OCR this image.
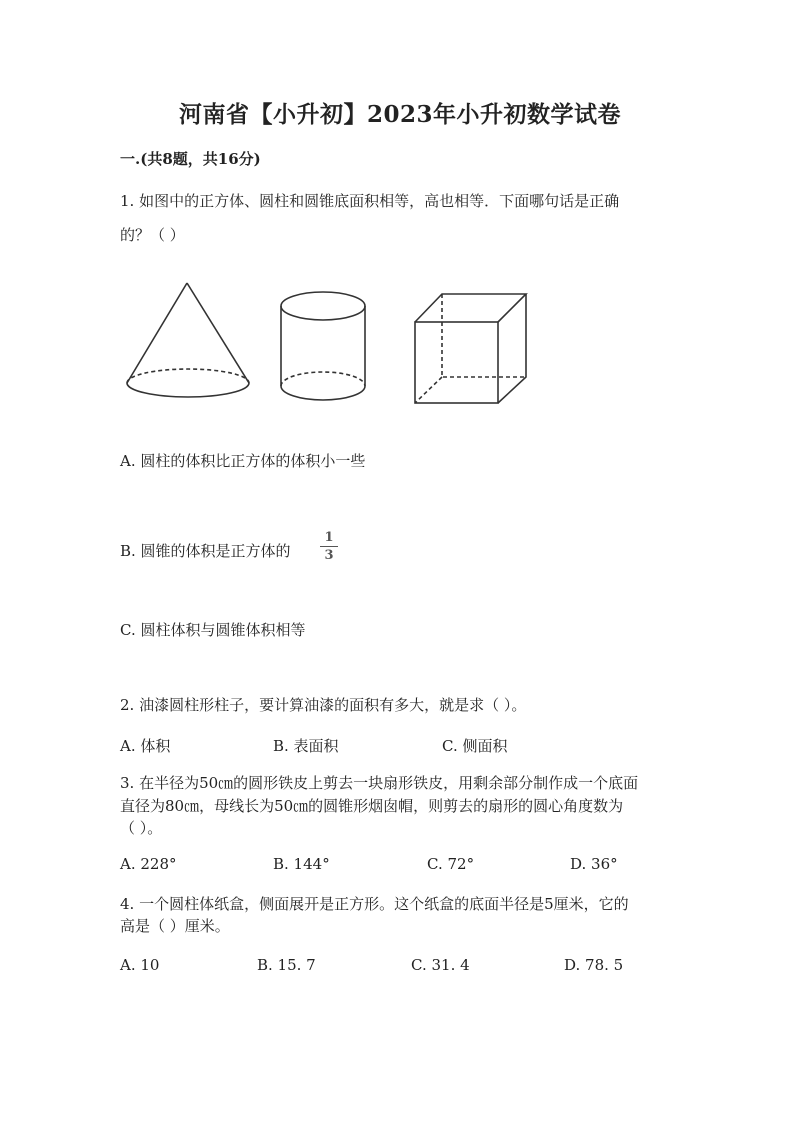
河南省【小升初】2023年小升初数学试卷
一.(共8题，共16分)
1. 如图中的正方体、圆柱和圆锥底面积相等，高也相等．下面哪句话是正确
的？（ ）
A. 圆柱的体积比正方体的体积小一些
B. 圆锥的体积是正方体的
1
3
C. 圆柱体积与圆锥体积相等
2. 油漆圆柱形柱子，要计算油漆的面积有多大，就是求（ ）。
A. 体积	B. 表面积	C. 侧面积
3. 在半径为50㎝的圆形铁皮上剪去一块扇形铁皮，用剩余部分制作成一个底面
直径为80㎝，母线长为50㎝的圆锥形烟囱帽，则剪去的扇形的圆心角度数为
（ ）。
A. 228°	B. 144°	C. 72°	D. 36°
4. 一个圆柱体纸盒，侧面展开是正方形。这个纸盒的底面半径是5厘米，它的
高是（ ）厘米。
A. 10	B. 15. 7	C. 31. 4	D. 78. 5
